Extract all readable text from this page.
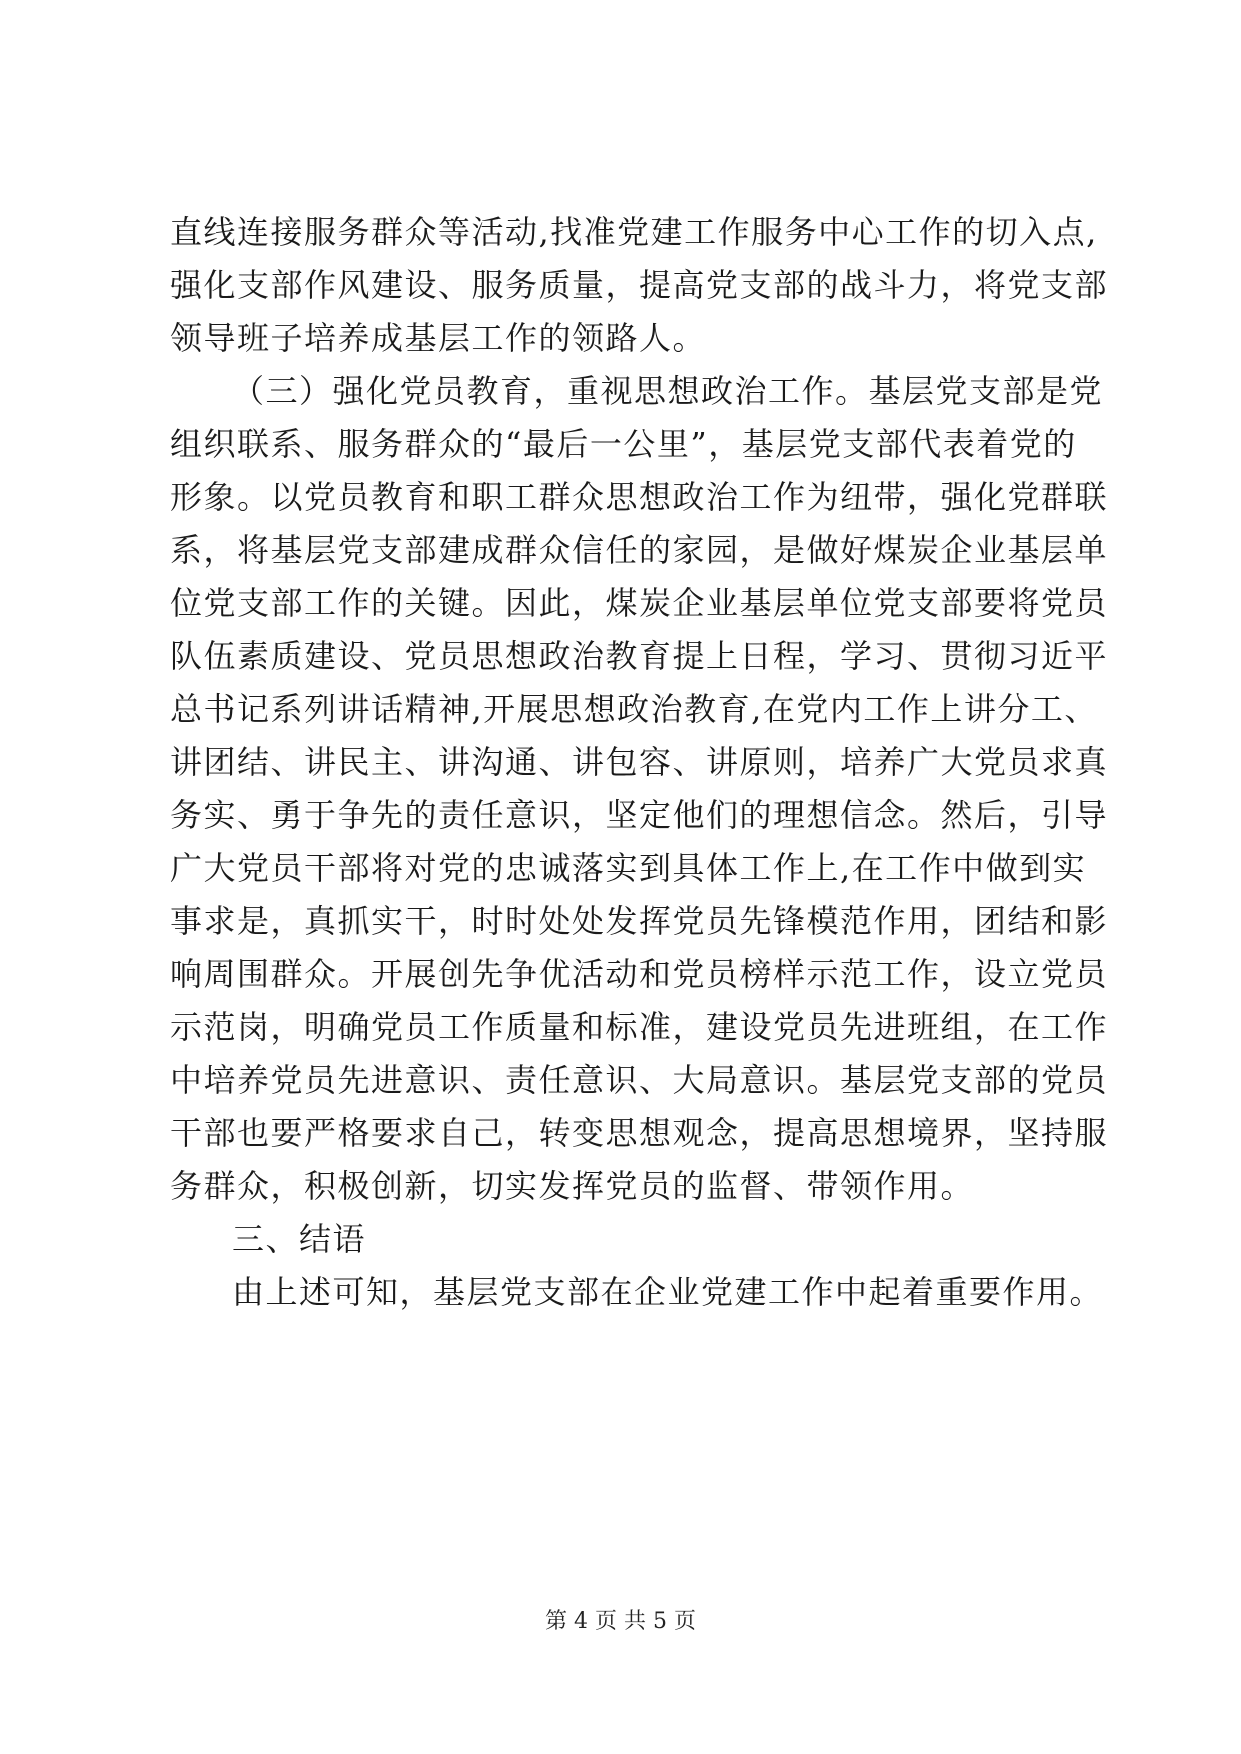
直线连接服务群众等活动,找准党建工作服务中心工作的切入点,
强化支部作风建设、服务质量，提高党支部的战斗力，将党支部
领导班子培养成基层工作的领路人。
（三）强化党员教育，重视思想政治工作。基层党支部是党
组织联系、服务群众的“最后一公里”，基层党支部代表着党的
形象。以党员教育和职工群众思想政治工作为纽带，强化党群联
系，将基层党支部建成群众信任的家园，是做好煤炭企业基层单
位党支部工作的关键。因此，煤炭企业基层单位党支部要将党员
队伍素质建设、党员思想政治教育提上日程，学习、贯彻习近平
总书记系列讲话精神,开展思想政治教育,在党内工作上讲分工、
讲团结、讲民主、讲沟通、讲包容、讲原则，培养广大党员求真
务实、勇于争先的责任意识，坚定他们的理想信念。然后，引导
广大党员干部将对党的忠诚落实到具体工作上,在工作中做到实
事求是，真抓实干，时时处处发挥党员先锋模范作用，团结和影
响周围群众。开展创先争优活动和党员榜样示范工作，设立党员
示范岗，明确党员工作质量和标准，建设党员先进班组，在工作
中培养党员先进意识、责任意识、大局意识。基层党支部的党员
干部也要严格要求自己，转变思想观念，提高思想境界，坚持服
务群众，积极创新，切实发挥党员的监督、带领作用。
三、结语
由上述可知，基层党支部在企业党建工作中起着重要作用。
第 4 页 共 5 页
